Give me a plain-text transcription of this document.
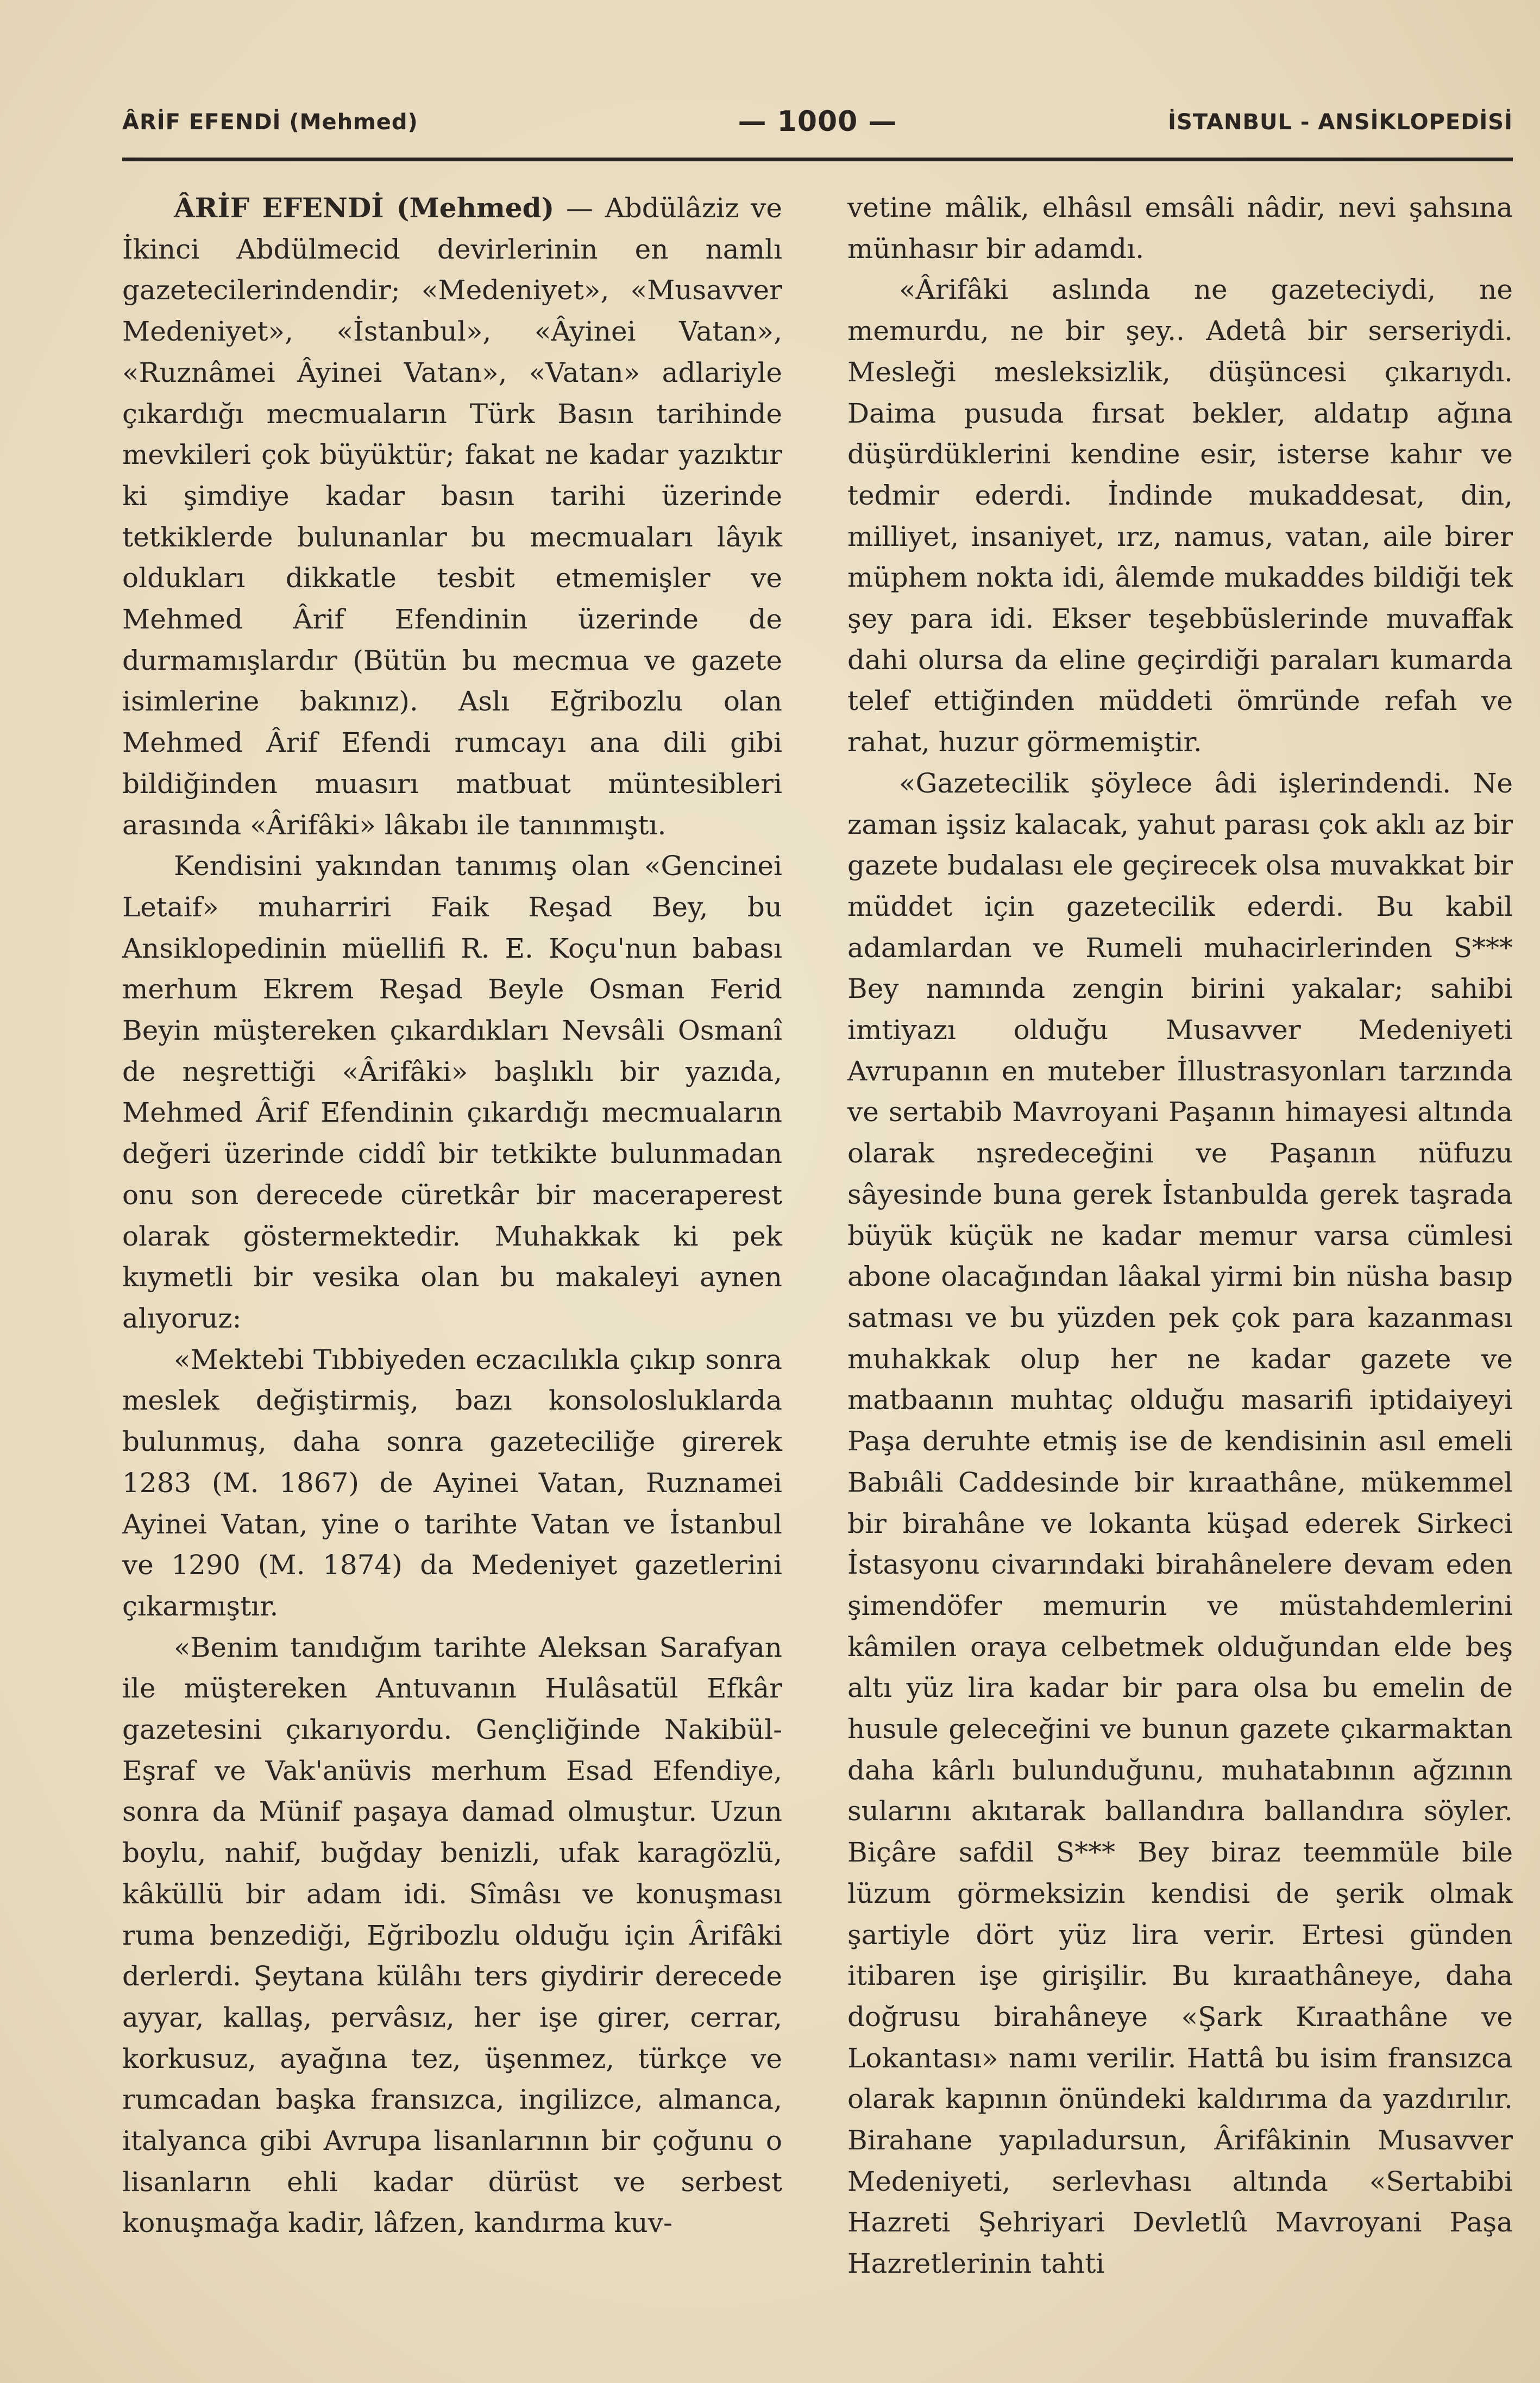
ÂRİF EFENDİ (Mehmed)	— 1000 —	İSTANBUL - ANSİKLOPEDİSİ

ÂRİF EFENDİ (Mehmed) — Abdülâziz ve İkinci Abdülmecid devirlerinin en namlı gazetecilerindendir; «Medeniyet», «Musavver Medeniyet», «İstanbul», «Âyinei Vatan», «Ruznâmei Âyinei Vatan», «Vatan» adlariyle çıkardığı mecmuaların Türk Basın tarihinde mevkileri çok büyüktür; fakat ne kadar yazıktır ki şimdiye kadar basın tarihi üzerinde tetkiklerde bulunanlar bu mecmuaları lâyık oldukları dikkatle tesbit etmemişler ve Mehmed Ârif Efendinin üzerinde de durmamışlardır (Bütün bu mecmua ve gazete isimlerine bakınız). Aslı Eğribozlu olan Mehmed Ârif Efendi rumcayı ana dili gibi bildiğinden muasırı matbuat müntesibleri arasında «Ârifâki» lâkabı ile tanınmıştı.

Kendisini yakından tanımış olan «Gencinei Letaif» muharriri Faik Reşad Bey, bu Ansiklopedinin müellifi R. E. Koçu'nun babası merhum Ekrem Reşad Beyle Osman Ferid Beyin müştereken çıkardıkları Nevsâli Osmanî de neşrettiği «Ârifâki» başlıklı bir yazıda, Mehmed Ârif Efendinin çıkardığı mecmuaların değeri üzerinde ciddî bir tetkikte bulunmadan onu son derecede cüretkâr bir maceraperest olarak göstermektedir. Muhakkak ki pek kıymetli bir vesika olan bu makaleyi aynen alıyoruz:

«Mektebi Tıbbiyeden eczacılıkla çıkıp sonra meslek değiştirmiş, bazı konsolosluklarda bulunmuş, daha sonra gazeteciliğe girerek 1283 (M. 1867) de Ayinei Vatan, Ruznamei Ayinei Vatan, yine o tarihte Vatan ve İstanbul ve 1290 (M. 1874) da Medeniyet gazetlerini çıkarmıştır.

«Benim tanıdığım tarihte Aleksan Sarafyan ile müştereken Antuvanın Hulâsatül Efkâr gazetesini çıkarıyordu. Gençliğinde Nakibül-Eşraf ve Vak'anüvis merhum Esad Efendiye, sonra da Münif paşaya damad olmuştur. Uzun boylu, nahif, buğday benizli, ufak karagözlü, kâküllü bir adam idi. Sîmâsı ve konuşması ruma benzediği, Eğribozlu olduğu için Ârifâki derlerdi. Şeytana külâhı ters giydirir derecede ayyar, kallaş, pervâsız, her işe girer, cerrar, korkusuz, ayağına tez, üşenmez, türkçe ve rumcadan başka fransızca, ingilizce, almanca, italyanca gibi Avrupa lisanlarının bir çoğunu o lisanların ehli kadar dürüst ve serbest konuşmağa kadir, lâfzen, kandırma kuv-

vetine mâlik, elhâsıl emsâli nâdir, nevi şahsına münhasır bir adamdı.

«Ârifâki aslında ne gazeteciydi, ne memurdu, ne bir şey.. Adetâ bir serseriydi. Mesleği mesleksizlik, düşüncesi çıkarıydı. Daima pusuda fırsat bekler, aldatıp ağına düşürdüklerini kendine esir, isterse kahır ve tedmir ederdi. İndinde mukaddesat, din, milliyet, insaniyet, ırz, namus, vatan, aile birer müphem nokta idi, âlemde mukaddes bildiği tek şey para idi. Ekser teşebbüslerinde muvaffak dahi olursa da eline geçirdiği paraları kumarda telef ettiğinden müddeti ömründe refah ve rahat, huzur görmemiştir.

«Gazetecilik şöylece âdi işlerindendi. Ne zaman işsiz kalacak, yahut parası çok aklı az bir gazete budalası ele geçirecek olsa muvakkat bir müddet için gazetecilik ederdi. Bu kabil adamlardan ve Rumeli muhacirlerinden S*** Bey namında zengin birini yakalar; sahibi imtiyazı olduğu Musavver Medeniyeti Avrupanın en muteber İllustrasyonları tarzında ve sertabib Mavroyani Paşanın himayesi altında olarak nşredeceğini ve Paşanın nüfuzu sâyesinde buna gerek İstanbulda gerek taşrada büyük küçük ne kadar memur varsa cümlesi abone olacağından lâakal yirmi bin nüsha basıp satması ve bu yüzden pek çok para kazanması muhakkak olup her ne kadar gazete ve matbaanın muhtaç olduğu masarifi iptidaiyeyi Paşa deruhte etmiş ise de kendisinin asıl emeli Babıâli Caddesinde bir kıraathâne, mükemmel bir birahâne ve lokanta küşad ederek Sirkeci İstasyonu civarındaki birahânelere devam eden şimendöfer memurin ve müstahdemlerini kâmilen oraya celbetmek olduğundan elde beş altı yüz lira kadar bir para olsa bu emelin de husule geleceğini ve bunun gazete çıkarmaktan daha kârlı bulunduğunu, muhatabının ağzının sularını akıtarak ballandıra ballandıra söyler. Biçâre safdil S*** Bey biraz teemmüle bile lüzum görmeksizin kendisi de şerik olmak şartiyle dört yüz lira verir. Ertesi günden itibaren işe girişilir. Bu kıraathâneye, daha doğrusu birahâneye «Şark Kıraathâne ve Lokantası» namı verilir. Hattâ bu isim fransızca olarak kapının önündeki kaldırıma da yazdırılır. Birahane yapıladursun, Ârifâkinin Musavver Medeniyeti, serlevhası altında «Sertabibi Hazreti Şehriyari Devletlû Mavroyani Paşa Hazretlerinin tahti
